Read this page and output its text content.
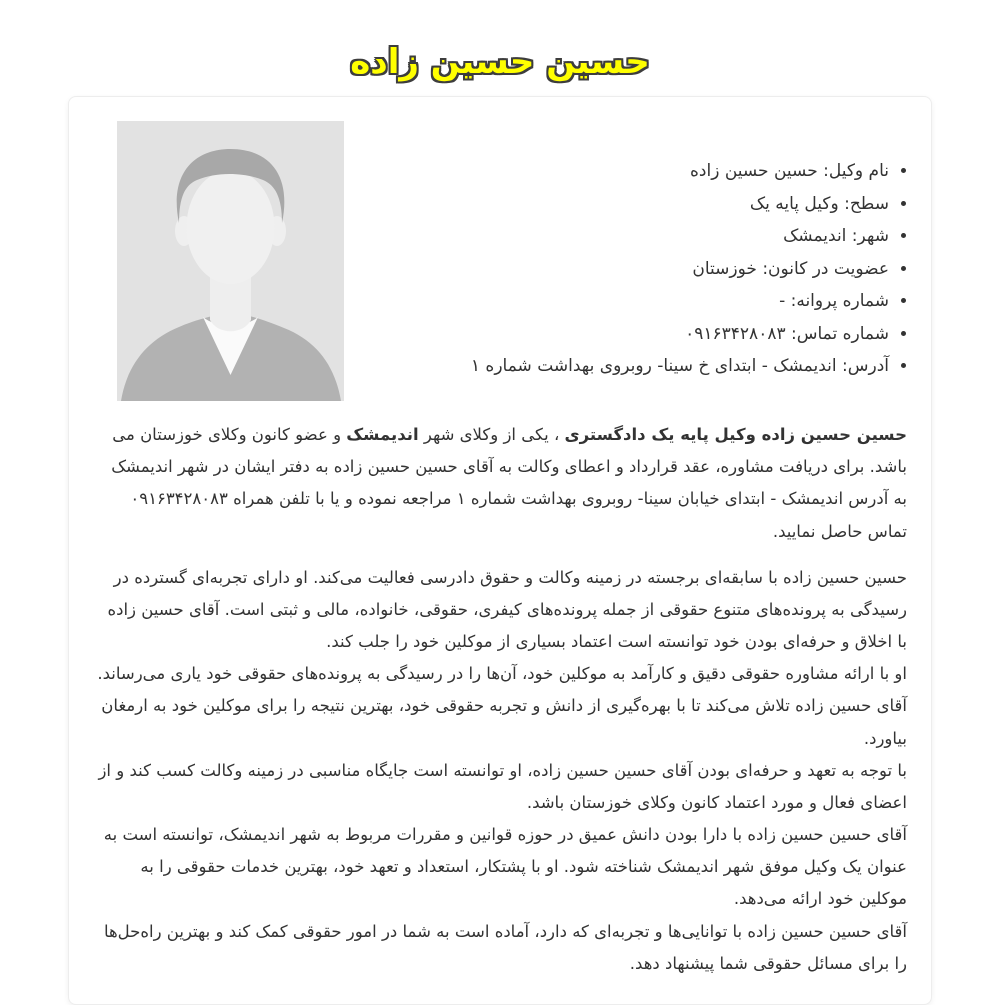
حسین حسین زاده
• نام وکیل: حسین حسین زاده
• سطح: وکیل پایه یک
• شهر: اندیمشک
• عضویت در کانون: خوزستان
• شماره پروانه: -
• شماره تماس: ۰۹۱۶۳۴۲۸۰۸۳
• آدرس: اندیمشک - ابتدای خ سینا- روبروی بهداشت شماره ۱

حسین حسین زاده وکیل پایه یک دادگستری ، یکی از وکلای شهر اندیمشک و عضو کانون وکلای خوزستان می باشد. برای دریافت مشاوره، عقد قرارداد و اعطای وکالت به آقای حسین حسین زاده به دفتر ایشان در شهر اندیمشک به آدرس اندیمشک - ابتدای خیابان سینا- روبروی بهداشت شماره ۱ مراجعه نموده و یا با تلفن همراه ۰۹۱۶۳۴۲۸۰۸۳ تماس حاصل نمایید.

حسین حسین زاده با سابقه‌ای برجسته در زمینه وکالت و حقوق دادرسی فعالیت می‌کند. او دارای تجربه‌ای گسترده در رسیدگی به پرونده‌های متنوع حقوقی از جمله پرونده‌های کیفری، حقوقی، خانواده، مالی و ثبتی است. آقای حسین زاده با اخلاق و حرفه‌ای بودن خود توانسته است اعتماد بسیاری از موکلین خود را جلب کند.

او با ارائه مشاوره حقوقی دقیق و کارآمد به موکلین خود، آن‌ها را در رسیدگی به پرونده‌های حقوقی خود یاری می‌رساند. آقای حسین زاده تلاش می‌کند تا با بهره‌گیری از دانش و تجربه حقوقی خود، بهترین نتیجه را برای موکلین خود به ارمغان بیاورد.

با توجه به تعهد و حرفه‌ای بودن آقای حسین حسین زاده، او توانسته است جایگاه مناسبی در زمینه وکالت کسب کند و از اعضای فعال و مورد اعتماد کانون وکلای خوزستان باشد.

آقای حسین حسین زاده با دارا بودن دانش عمیق در حوزه قوانین و مقررات مربوط به شهر اندیمشک، توانسته است به عنوان یک وکیل موفق شهر اندیمشک شناخته شود. او با پشتکار، استعداد و تعهد خود، بهترین خدمات حقوقی را به موکلین خود ارائه می‌دهد.

آقای حسین حسین زاده با توانایی‌ها و تجربه‌ای که دارد، آماده است به شما در امور حقوقی کمک کند و بهترین راه‌حل‌ها را برای مسائل حقوقی شما پیشنهاد دهد.
